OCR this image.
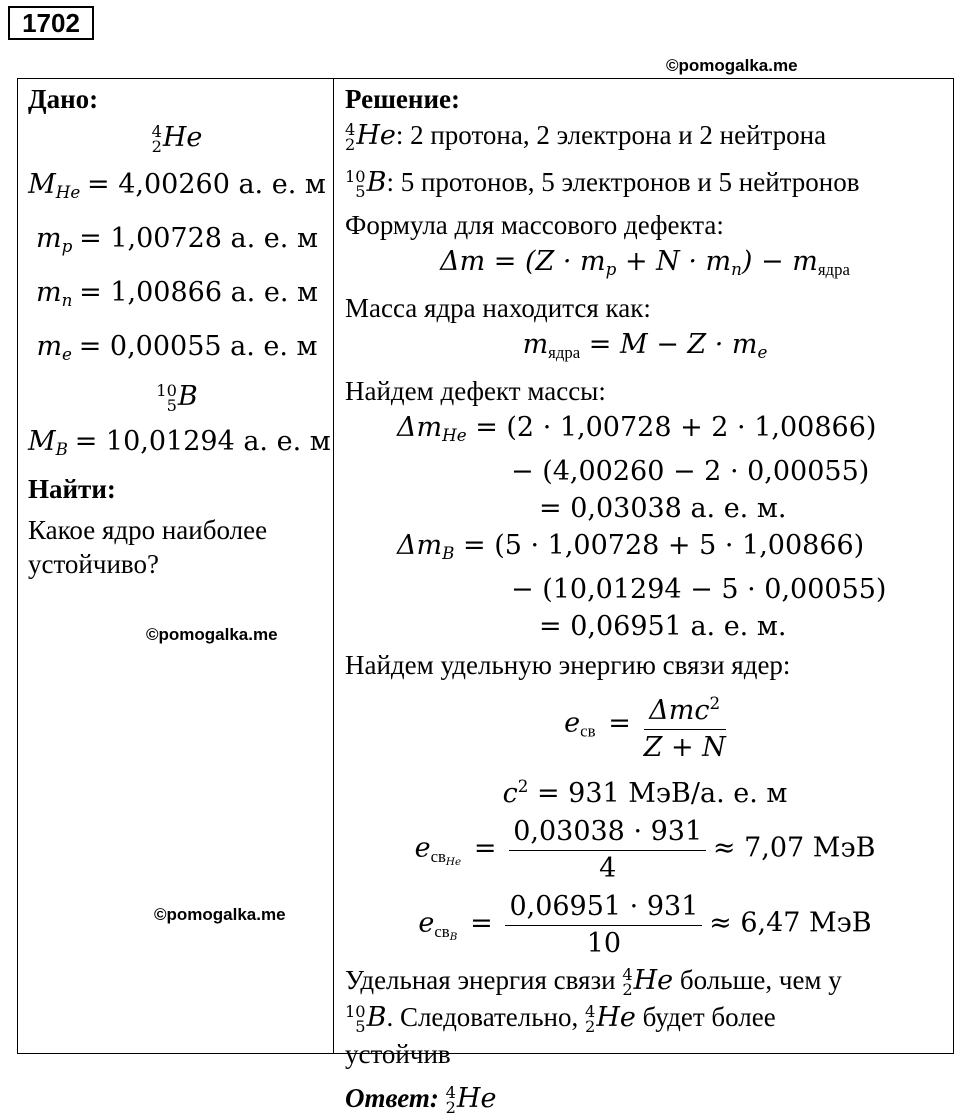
1702
©pomogalka.me
Дано:
4
2 He
$M_{He} = 4,00260$ а. е. м
$m_p = 1,00728$ а. е. м
$m_n = 1,00866$ а. е. м
$m_e = 0,00055$ а. е. м
10
5 B
$M_B = 10,01294$ а. е. м
Найти:
Какое ядро наиболее устойчиво?
©pomogalka.me
©pomogalka.me
Решение:
4
2 He: 2 протона, 2 электрона и 2 нейтрона
10
5 B: 5 протонов, 5 электронов и 5 нейтронов
Формула для массового дефекта:
$\Delta m = (Z \cdot m_p + N \cdot m_n) - m_{ядра}$
Масса ядра находится как:
$m_{ядра} = M - Z \cdot m_e$
Найдем дефект массы:
$\Delta m_{He} = (2 \cdot 1,00728 + 2 \cdot 1,00866)$
− (4,00260 − 2 · 0,00055)
= 0,03038 а. е. м.
$\Delta m_B = (5 \cdot 1,00728 + 5 \cdot 1,00866)$
− (10,01294 − 5 · 0,00055)
= 0,06951 а. е. м.
Найдем удельную энергию связи ядер:
$e_{св} = \frac{\Delta mc^2}{Z + N}$
$c^2 = 931$ МэВ/а. е. м
$e_{св_{He}} = \frac{0,03038 \cdot 931}{4} \approx 7,07$ МэВ
$e_{св_B} = \frac{0,06951 \cdot 931}{10} \approx 6,47$ МэВ
Удельная энергия связи 4
2 He больше, чем у
10
5 B. Следовательно, 4
2 He будет более
устойчив
Ответ: 4
2 He
